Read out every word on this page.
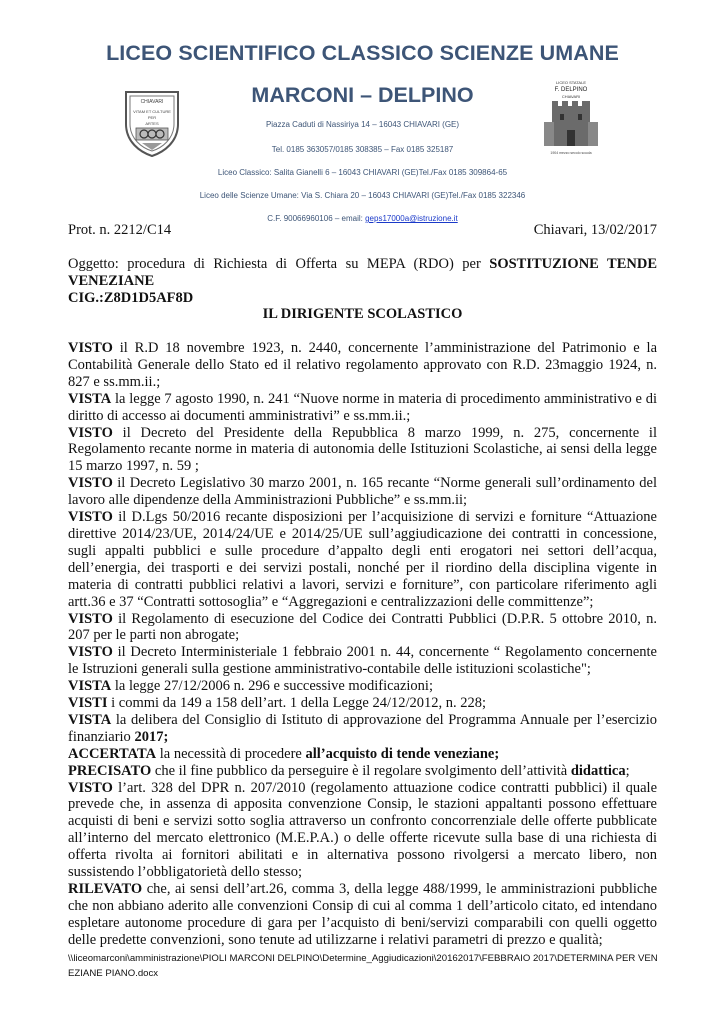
LICEO SCIENTIFICO CLASSICO SCIENZE UMANE
MARCONI – DELPINO
Piazza Caduti di Nassiriya 14 – 16043 CHIAVARI (GE)
Tel. 0185 363057/0185 308385 – Fax 0185 325187
Liceo Classico: Salita Gianelli 6 – 16043 CHIAVARI (GE)Tel./Fax 0185 309864-65
Liceo delle Scienze Umane: Via S. Chiara 20 – 16043 CHIAVARI (GE)Tel./Fax 0185 322346
C.F. 90066960106 – email: geps17000a@istruzione.it
CHIAVARI
VITAM ET CULTURE
PER
ARTES
LICEO STATALE
F. DELPINO
CHIAVARI
1904 mezzo secolo scuola
Prot. n. 2212/C14	Chiavari, 13/02/2017

Oggetto: procedura di Richiesta di Offerta su MEPA (RDO) per SOSTITUZIONE TENDE

VENEZIANE

CIG.:Z8D1D5AF8D

IL DIRIGENTE SCOLASTICO

VISTO il R.D 18 novembre 1923, n. 2440, concernente l’amministrazione del Patrimonio e la Contabilità Generale dello Stato ed il relativo regolamento approvato con R.D. 23maggio 1924, n. 827 e ss.mm.ii.;

VISTA la legge 7 agosto 1990, n. 241 “Nuove norme in materia di procedimento amministrativo e di diritto di accesso ai documenti amministrativi” e ss.mm.ii.;

VISTO il Decreto del Presidente della Repubblica 8 marzo 1999, n. 275, concernente il Regolamento recante norme in materia di autonomia delle Istituzioni Scolastiche, ai sensi della legge 15 marzo 1997, n. 59 ;

VISTO il Decreto Legislativo 30 marzo 2001, n. 165 recante “Norme generali sull’ordinamento del lavoro alle dipendenze della Amministrazioni Pubbliche” e ss.mm.ii;

VISTO il D.Lgs 50/2016 recante disposizioni per l’acquisizione di servizi e forniture “Attuazione direttive 2014/23/UE, 2014/24/UE e 2014/25/UE sull’aggiudicazione dei contratti in concessione, sugli appalti pubblici e sulle procedure d’appalto degli enti erogatori nei settori dell’acqua, dell’energia, dei trasporti e dei servizi postali, nonché per il riordino della disciplina vigente in materia di contratti pubblici relativi a lavori, servizi e forniture”, con particolare riferimento agli artt.36 e 37 “Contratti sottosoglia” e “Aggregazioni e centralizzazioni delle committenze”;

VISTO il Regolamento di esecuzione del Codice dei Contratti Pubblici (D.P.R. 5 ottobre 2010, n. 207 per le parti non abrogate;

VISTO il Decreto Interministeriale 1 febbraio 2001 n. 44, concernente “ Regolamento concernente le Istruzioni generali sulla gestione amministrativo-contabile delle istituzioni scolastiche";

VISTA la legge 27/12/2006 n. 296 e successive modificazioni;

VISTI i commi da 149 a 158 dell’art. 1 della Legge 24/12/2012, n. 228;

VISTA la delibera del Consiglio di Istituto di approvazione del Programma Annuale per l’esercizio finanziario 2017;

ACCERTATA la necessità di procedere all’acquisto di tende veneziane;

PRECISATO che il fine pubblico da perseguire è il regolare svolgimento dell’attività didattica;

VISTO l’art. 328 del DPR n. 207/2010 (regolamento attuazione codice contratti pubblici) il quale prevede che, in assenza di apposita convenzione Consip, le stazioni appaltanti possono effettuare acquisti di beni e servizi sotto soglia attraverso un confronto concorrenziale delle offerte pubblicate all’interno del mercato elettronico (M.E.P.A.) o delle offerte ricevute sulla base di una richiesta di offerta rivolta ai fornitori abilitati e in alternativa possono rivolgersi a mercato libero, non sussistendo l’obbligatorietà dello stesso;

RILEVATO che, ai sensi dell’art.26, comma 3, della legge 488/1999, le amministrazioni pubbliche che non abbiano aderito alle convenzioni Consip di cui al comma 1 dell’articolo citato, ed intendano espletare autonome procedure di gara per l’acquisto di beni/servizi comparabili con quelli oggetto delle predette convenzioni, sono tenute ad utilizzarne i relativi parametri di prezzo e qualità;

\\liceomarconi\amministrazione\PIOLI MARCONI DELPINO\Determine_Aggiudicazioni\20162017\FEBBRAIO 2017\DETERMINA PER VENEZIANE PIANO.docx
